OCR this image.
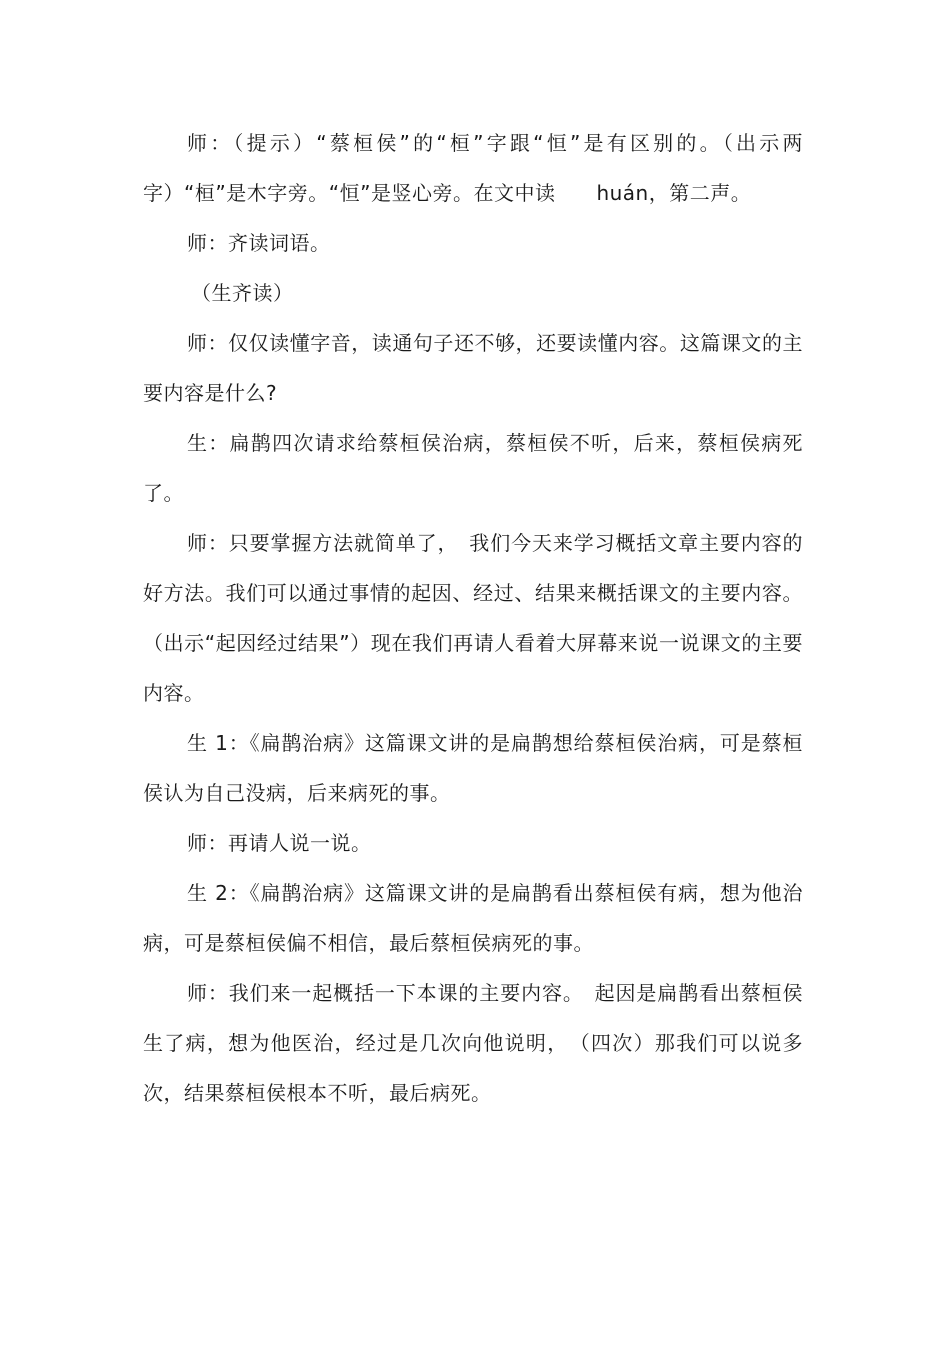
师：（提示）“蔡桓侯”的“桓”字跟“恒”是有区别的。（出示两字）“桓”是木字旁。“恒”是竖心旁。在文中读　　huán，第二声。

师：齐读词语。

（生齐读）

师：仅仅读懂字音，读通句子还不够，还要读懂内容。这篇课文的主要内容是什么?

生：扁鹊四次请求给蔡桓侯治病，蔡桓侯不听，后来，蔡桓侯病死了。

师：只要掌握方法就简单了，　我们今天来学习概括文章主要内容的好方法。我们可以通过事情的起因、经过、结果来概括课文的主要内容。（出示“起因经过结果”）现在我们再请人看着大屏幕来说一说课文的主要内容。

生 1：《扁鹊治病》这篇课文讲的是扁鹊想给蔡桓侯治病，可是蔡桓侯认为自己没病，后来病死的事。

师：再请人说一说。

生 2：《扁鹊治病》这篇课文讲的是扁鹊看出蔡桓侯有病，想为他治病，可是蔡桓侯偏不相信，最后蔡桓侯病死的事。

师：我们来一起概括一下本课的主要内容。　起因是扁鹊看出蔡桓侯生了病，想为他医治，经过是几次向他说明，　（四次）那我们可以说多次，结果蔡桓侯根本不听，最后病死。
